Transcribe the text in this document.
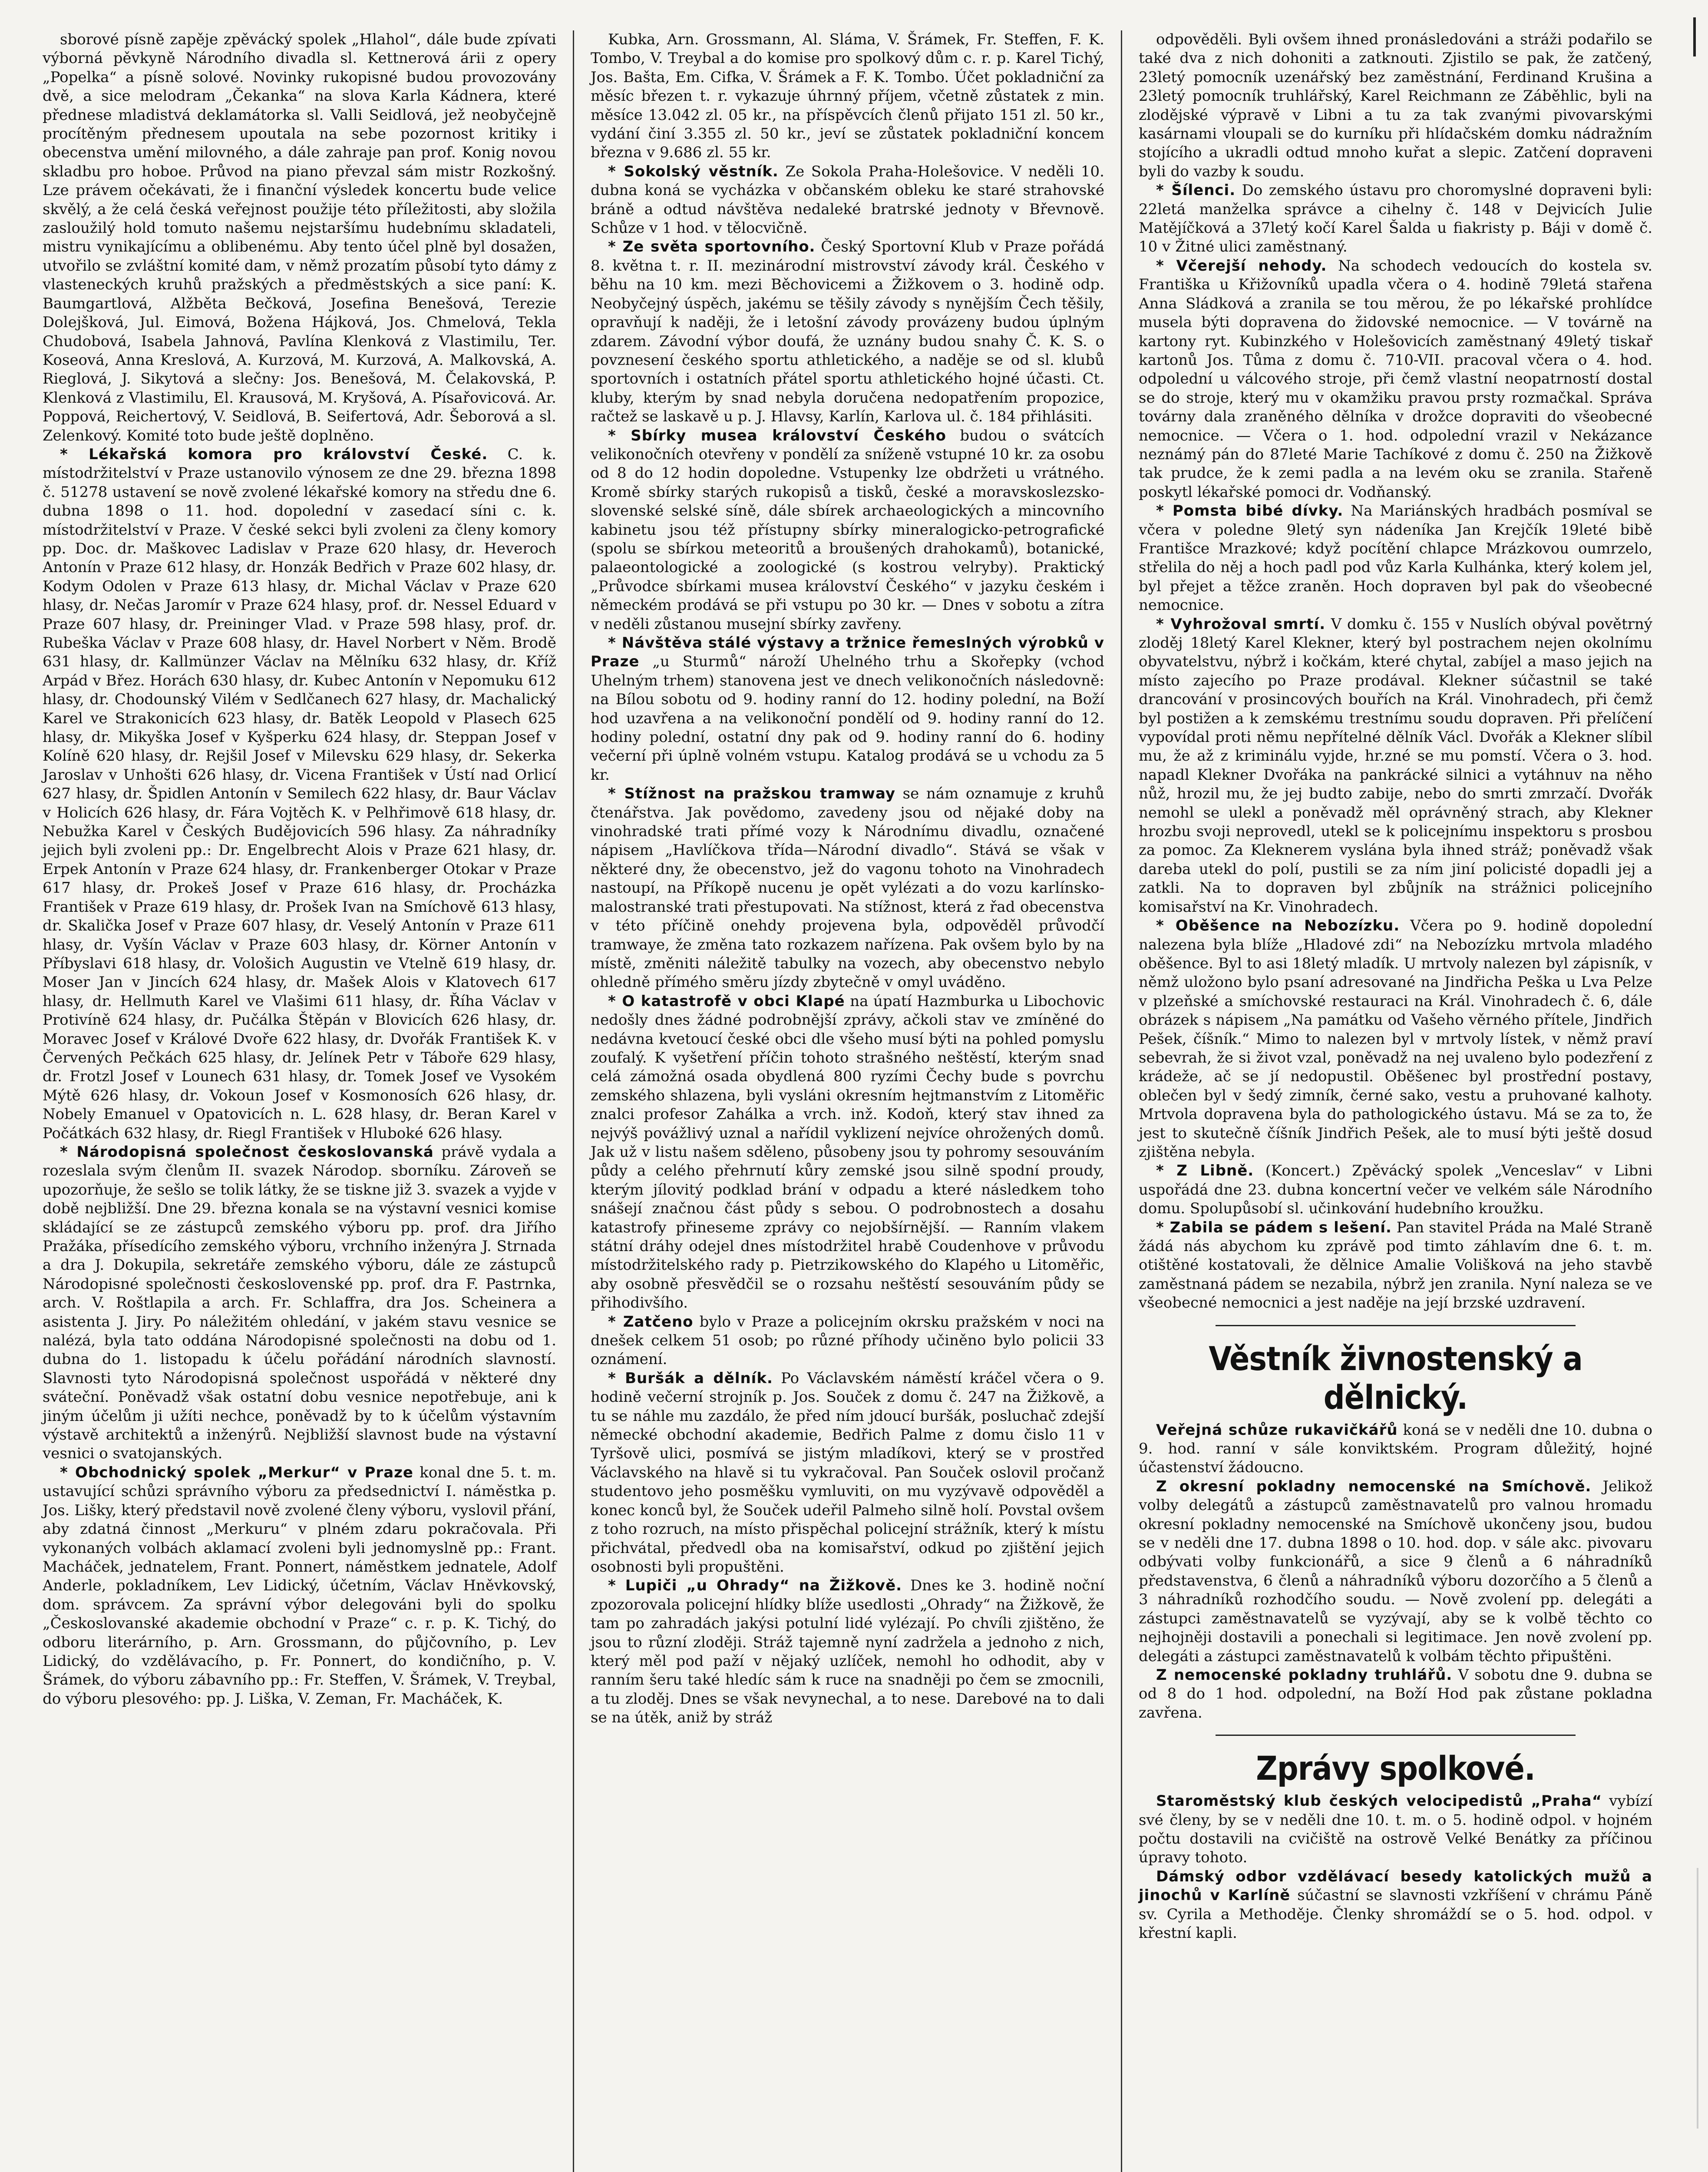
sborové písně zapěje zpěvácký spolek „Hlahol“, dále bude zpívati výborná pěvkyně Národního divadla sl. Kettnerová árii z opery „Popelka“ a písně solové. Novinky rukopisné budou provozovány dvě, a sice melodram „Čekanka“ na slova Karla Kádnera, které přednese mladistvá deklamátorka sl. Valli Seidlová, jež neobyčejně procítěným přednesem upoutala na sebe pozornost kritiky i obecenstva umění milovného, a dále zahraje pan prof. Konig novou skladbu pro hoboe. Průvod na piano převzal sám mistr Rozkošný. Lze právem očekávati, že i finanční výsledek koncertu bude velice skvělý, a že celá česká veřejnost použije této příležitosti, aby složila zasloužilý hold tomuto našemu nejstaršímu hudebnímu skladateli, mistru vynikajícímu a oblibenému. Aby tento účel plně byl dosažen, utvořilo se zvláštní komité dam, v němž prozatím působí tyto dámy z vlasteneckých kruhů pražských a předměstských a sice paní: K. Baumgartlová, Alžběta Bečková, Josefina Benešová, Terezie Dolejšková, Jul. Eimová, Božena Hájková, Jos. Chmelová, Tekla Chudobová, Isabela Jahnová, Pavlína Klenková z Vlastimilu, Ter. Koseová, Anna Kreslová, A. Kurzová, M. Kurzová, A. Malkovská, A. Rieglová, J. Sikytová a slečny: Jos. Benešová, M. Čelakovská, P. Klenková z Vlastimilu, El. Krausová, M. Kryšová, A. Písařovicová. Ar. Poppová, Reichertový, V. Seidlová, B. Seifertová, Adr. Šeborová a sl. Zelenkový. Komité toto bude ještě doplněno.

* Lékařská komora pro království České. C. k. místodržitelství v Praze ustanovilo výnosem ze dne 29. března 1898 č. 51278 ustavení se nově zvolené lékařské komory na středu dne 6. dubna 1898 o 11. hod. dopolední v zasedací síni c. k. místodržitelství v Praze. V české sekci byli zvoleni za členy komory pp. Doc. dr. Maškovec Ladislav v Praze 620 hlasy, dr. Heveroch Antonín v Praze 612 hlasy, dr. Honzák Bedřich v Praze 602 hlasy, dr. Kodym Odolen v Praze 613 hlasy, dr. Michal Václav v Praze 620 hlasy, dr. Nečas Jaromír v Praze 624 hlasy, prof. dr. Nessel Eduard v Praze 607 hlasy, dr. Preininger Vlad. v Praze 598 hlasy, prof. dr. Rubeška Václav v Praze 608 hlasy, dr. Havel Norbert v Něm. Brodě 631 hlasy, dr. Kallmünzer Václav na Mělníku 632 hlasy, dr. Kříž Arpád v Břez. Horách 630 hlasy, dr. Kubec Antonín v Nepomuku 612 hlasy, dr. Chodounský Vilém v Sedlčanech 627 hlasy, dr. Machalický Karel ve Strakonicích 623 hlasy, dr. Batěk Leopold v Plasech 625 hlasy, dr. Mikyška Josef v Kyšperku 624 hlasy, dr. Steppan Josef v Kolíně 620 hlasy, dr. Rejšil Josef v Milevsku 629 hlasy, dr. Sekerka Jaroslav v Unhošti 626 hlasy, dr. Vicena František v Ústí nad Orlicí 627 hlasy, dr. Špidlen Antonín v Semilech 622 hlasy, dr. Baur Václav v Holicích 626 hlasy, dr. Fára Vojtěch K. v Pelhřimově 618 hlasy, dr. Nebužka Karel v Českých Budějovicích 596 hlasy. Za náhradníky jejich byli zvoleni pp.: Dr. Engelbrecht Alois v Praze 621 hlasy, dr. Erpek Antonín v Praze 624 hlasy, dr. Frankenberger Otokar v Praze 617 hlasy, dr. Prokeš Josef v Praze 616 hlasy, dr. Procházka František v Praze 619 hlasy, dr. Prošek Ivan na Smíchově 613 hlasy, dr. Skalička Josef v Praze 607 hlasy, dr. Veselý Antonín v Praze 611 hlasy, dr. Vyšín Václav v Praze 603 hlasy, dr. Körner Antonín v Příbyslavi 618 hlasy, dr. Vološich Augustin ve Vtelně 619 hlasy, dr. Moser Jan v Jincích 624 hlasy, dr. Mašek Alois v Klatovech 617 hlasy, dr. Hellmuth Karel ve Vlašimi 611 hlasy, dr. Říha Václav v Protivíně 624 hlasy, dr. Pučálka Štěpán v Blovicích 626 hlasy, dr. Moravec Josef v Králové Dvoře 622 hlasy, dr. Dvořák František K. v Červených Pečkách 625 hlasy, dr. Jelínek Petr v Táboře 629 hlasy, dr. Frotzl Josef v Lounech 631 hlasy, dr. Tomek Josef ve Vysokém Mýtě 626 hlasy, dr. Vokoun Josef v Kosmonosích 626 hlasy, dr. Nobely Emanuel v Opatovicích n. L. 628 hlasy, dr. Beran Karel v Počátkách 632 hlasy, dr. Riegl František v Hluboké 626 hlasy.

* Národopisná společnost českoslovanská právě vydala a rozeslala svým členům II. svazek Národop. sborníku. Zároveň se upozorňuje, že sešlo se tolik látky, že se tiskne již 3. svazek a vyjde v době nejbližší. Dne 29. března konala se na výstavní vesnici komise skládající se ze zástupců zemského výboru pp. prof. dra Jiřího Pražáka, přísedícího zemského výboru, vrchního inženýra J. Strnada a dra J. Dokupila, sekretáře zemského výboru, dále ze zástupců Národopisné společnosti československé pp. prof. dra F. Pastrnka, arch. V. Roštlapila a arch. Fr. Schlaffra, dra Jos. Scheinera a asistenta J. Jiry. Po náležitém ohledání, v jakém stavu vesnice se nalézá, byla tato oddána Národopisné společnosti na dobu od 1. dubna do 1. listopadu k účelu pořádání národních slavností. Slavnosti tyto Národopisná společnost uspořádá v některé dny sváteční. Poněvadž však ostatní dobu vesnice nepotřebuje, ani k jiným účelům ji užíti nechce, poněvadž by to k účelům výstavním výstavě architektů a inženýrů. Nejbližší slavnost bude na výstavní vesnici o svatojanských.

* Obchodnický spolek „Merkur“ v Praze konal dne 5. t. m. ustavující schůzi správního výboru za předsednictví I. náměstka p. Jos. Lišky, který představil nově zvolené členy výboru, vyslovil přání, aby zdatná činnost „Merkuru“ v plném zdaru pokračovala. Při vykonaných volbách aklamací zvoleni byli jednomyslně pp.: Frant. Macháček, jednatelem, Frant. Ponnert, náměstkem jednatele, Adolf Anderle, pokladníkem, Lev Lidický, účetním, Václav Hněvkovský, dom. správcem. Za správní výbor delegováni byli do spolku „Českoslovanské akademie obchodní v Praze“ c. r. p. K. Tichý, do odboru literárního, p. Arn. Grossmann, do půjčovního, p. Lev Lidický, do vzdělávacího, p. Fr. Ponnert, do kondičního, p. V. Šrámek, do výboru zábavního pp.: Fr. Steffen, V. Šrámek, V. Treybal, do výboru plesového: pp. J. Liška, V. Zeman, Fr. Macháček, K.

Kubka, Arn. Grossmann, Al. Sláma, V. Šrámek, Fr. Steffen, F. K. Tombo, V. Treybal a do komise pro spolkový dům c. r. p. Karel Tichý, Jos. Bašta, Em. Cifka, V. Šrámek a F. K. Tombo. Účet pokladniční za měsíc březen t. r. vykazuje úhrnný příjem, včetně zůstatek z min. měsíce 13.042 zl. 05 kr., na příspěvcích členů přijato 151 zl. 50 kr., vydání činí 3.355 zl. 50 kr., jeví se zůstatek pokladniční koncem března v 9.686 zl. 55 kr.

* Sokolský věstník. Ze Sokola Praha-Holešovice. V neděli 10. dubna koná se vycházka v občanském obleku ke staré strahovské bráně a odtud návštěva nedaleké bratrské jednoty v Břevnově. Schůze v 1 hod. v tělocvičně.

* Ze světa sportovního. Český Sportovní Klub v Praze pořádá 8. května t. r. II. mezinárodní mistrovství závody král. Českého v běhu na 10 km. mezi Běchovicemi a Žižkovem o 3. hodině odp. Neobyčejný úspěch, jakému se těšily závody s nynějším Čech těšily, opravňují k naději, že i letošní závody provázeny budou úplným zdarem. Závodní výbor doufá, že uznány budou snahy Č. K. S. o povznesení českého sportu athletického, a naděje se od sl. klubů sportovních i ostatních přátel sportu athletického hojné účasti. Ct. kluby, kterým by snad nebyla doručena nedopatřením propozice, račtež se laskavě u p. J. Hlavsy, Karlín, Karlova ul. č. 184 přihlásiti.

* Sbírky musea království Českého budou o svátcích velikonočních otevřeny v pondělí za sníženě vstupné 10 kr. za osobu od 8 do 12 hodin dopoledne. Vstupenky lze obdržeti u vrátného. Kromě sbírky starých rukopisů a tisků, české a moravskoslezsko-slovenské selské síně, dále sbírek archaeologických a mincovního kabinetu jsou též přístupny sbírky mineralogicko-petrografické (spolu se sbírkou meteoritů a broušených drahokamů), botanické, palaeontologické a zoologické (s kostrou velryby). Praktický „Průvodce sbírkami musea království Českého“ v jazyku českém i německém prodává se při vstupu po 30 kr. — Dnes v sobotu a zítra v neděli zůstanou musejní sbírky zavřeny.

* Návštěva stálé výstavy a tržnice řemeslných výrobků v Praze „u Sturmů“ nároží Uhelného trhu a Skořepky (vchod Uhelným trhem) stanovena jest ve dnech velikonočních následovně: na Bílou sobotu od 9. hodiny ranní do 12. hodiny polední, na Boží hod uzavřena a na velikonoční pondělí od 9. hodiny ranní do 12. hodiny polední, ostatní dny pak od 9. hodiny ranní do 6. hodiny večerní při úplně volném vstupu. Katalog prodává se u vchodu za 5 kr.

* Stížnost na pražskou tramway se nám oznamuje z kruhů čtenářstva. Jak povědomo, zavedeny jsou od nějaké doby na vinohradské trati přímé vozy k Národnímu divadlu, označené nápisem „Havlíčkova třída—Národní divadlo“. Stává se však v některé dny, že obecenstvo, jež do vagonu tohoto na Vinohradech nastoupí, na Příkopě nucenu je opět vylézati a do vozu karlínsko-malostranské trati přestupovati. Na stížnost, která z řad obecenstva v této příčině onehdy projevena byla, odpověděl průvodčí tramwaye, že změna tato rozkazem nařízena. Pak ovšem bylo by na místě, změniti náležitě tabulky na vozech, aby obecenstvo nebylo ohledně přímého směru jízdy zbytečně v omyl uváděno.

* O katastrofě v obci Klapé na úpatí Hazmburka u Libochovic nedošly dnes žádné podrobnější zprávy, ačkoli stav ve zmíněné do nedávna kvetoucí české obci dle všeho musí býti na pohled pomyslu zoufalý. K vyšetření příčin tohoto strašného neštěstí, kterým snad celá zámožná osada obydlená 800 ryzími Čechy bude s povrchu zemského shlazena, byli vysláni okresním hejtmanstvím z Litoměřic znalci profesor Zahálka a vrch. inž. Kodoň, který stav ihned za nejvýš povážlivý uznal a nařídil vyklizení nejvíce ohrožených domů. Jak už v listu našem sděleno, působeny jsou ty pohromy sesouváním půdy a celého přehrnutí kůry zemské jsou silně spodní proudy, kterým jílovitý podklad brání v odpadu a které následkem toho snášejí značnou část půdy s sebou. O podrobnostech a dosahu katastrofy přineseme zprávy co nejobšírnější. — Ranním vlakem státní dráhy odejel dnes místodržitel hrabě Coudenhove v průvodu místodržitelského rady p. Pietrzikowského do Klapého u Litoměřic, aby osobně přesvědčil se o rozsahu neštěstí sesouváním půdy se přihodivšího.

* Zatčeno bylo v Praze a policejním okrsku pražském v noci na dnešek celkem 51 osob; po různé příhody učiněno bylo policii 33 oznámení.

* Buršák a dělník. Po Václavském náměstí kráčel včera o 9. hodině večerní strojník p. Jos. Souček z domu č. 247 na Žižkově, a tu se náhle mu zazdálo, že před ním jdoucí buršák, posluchač zdejší německé obchodní akademie, Bedřich Palme z domu čislo 11 v Tyršově ulici, posmívá se jistým mladíkovi, který se v prostřed Václavského na hlavě si tu vykračoval. Pan Souček oslovil pročanž studentovo jeho posměšku vymluviti, on mu vyzývavě odpověděl a konec konců byl, že Souček udeřil Palmeho silně holí. Povstal ovšem z toho rozruch, na místo přispěchal policejní strážník, který k místu přichvátal, předvedl oba na komisařství, odkud po zjištění jejich osobnosti byli propuštěni.

* Lupiči „u Ohrady“ na Žižkově. Dnes ke 3. hodině noční zpozorovala policejní hlídky blíže usedlosti „Ohrady“ na Žižkově, že tam po zahradách jakýsi potulní lidé vylézají. Po chvíli zjištěno, že jsou to různí zloději. Stráž tajemně nyní zadržela a jednoho z nich, který měl pod paží v nějaký uzlíček, nemohl ho odhodit, aby v ranním šeru také hledíc sám k ruce na snadněji po čem se zmocnili, a tu zloděj. Dnes se však nevynechal, a to nese. Darebové na to dali se na útěk, aniž by stráž

odpověděli. Byli ovšem ihned pronásledováni a stráži podařilo se také dva z nich dohoniti a zatknouti. Zjistilo se pak, že zatčený, 23letý pomocník uzenářský bez zaměstnání, Ferdinand Krušina a 23letý pomocník truhlářský, Karel Reichmann ze Záběhlic, byli na zlodějské výpravě v Libni a tu za tak zvanými pivovarskými kasárnami vloupali se do kurníku při hlídačském domku nádražním stojícího a ukradli odtud mnoho kuřat a slepic. Zatčení dopraveni byli do vazby k soudu.

* Šílenci. Do zemského ústavu pro choromyslné dopraveni byli: 22letá manželka správce a cihelny č. 148 v Dejvicích Julie Matějíčková a 37letý kočí Karel Šalda u fiakristy p. Báji v domě č. 10 v Žitné ulici zaměstnaný.

* Včerejší nehody. Na schodech vedoucích do kostela sv. Františka u Křižovníků upadla včera o 4. hodině 79letá stařena Anna Sládková a zranila se tou měrou, že po lékařské prohlídce musela býti dopravena do židovské nemocnice. — V továrně na kartony ryt. Kubinzkého v Holešovicích zaměstnaný 49letý tiskař kartonů Jos. Tůma z domu č. 710-VII. pracoval včera o 4. hod. odpolední u válcového stroje, při čemž vlastní neopatrností dostal se do stroje, který mu v okamžiku pravou prsty rozmačkal. Správa továrny dala zraněného dělníka v drožce dopraviti do všeobecné nemocnice. — Včera o 1. hod. odpolední vrazil v Nekázance neznámý pán do 87leté Marie Tachíkové z domu č. 250 na Žižkově tak prudce, že k zemi padla a na levém oku se zranila. Stařeně poskytl lékařské pomoci dr. Vodňanský.

* Pomsta bibé dívky. Na Mariánských hradbách posmíval se včera v poledne 9letý syn nádeníka Jan Krejčík 19leté bibě Františce Mrazkové; když pocítění chlapce Mrázkovou oumrzelo, střelila do něj a hoch padl pod vůz Karla Kulhánka, který kolem jel, byl přejet a těžce zraněn. Hoch dopraven byl pak do všeobecné nemocnice.

* Vyhrožoval smrtí. V domku č. 155 v Nuslích obýval povětrný zloděj 18letý Karel Klekner, který byl postrachem nejen okolnímu obyvatelstvu, nýbrž i kočkám, které chytal, zabíjel a maso jejich na místo zajecího po Praze prodával. Klekner súčastnil se také drancování v prosincových bouřích na Král. Vinohradech, při čemž byl postižen a k zemskému trestnímu soudu dopraven. Při přelíčení vypovídal proti němu nepřítelné dělník Václ. Dvořák a Klekner slíbil mu, že až z kriminálu vyjde, hr.zné se mu pomstí. Včera o 3. hod. napadl Klekner Dvořáka na pankrácké silnici a vytáhnuv na něho nůž, hrozil mu, že jej budto zabije, nebo do smrti zmrzačí. Dvořák nemohl se ulekl a poněvadž měl oprávněný strach, aby Klekner hrozbu svoji neprovedl, utekl se k policejnímu inspektoru s prosbou za pomoc. Za Kleknerem vyslána byla ihned stráž; poněvadž však dareba utekl do polí, pustili se za ním jiní policisté dopadli jej a zatkli. Na to dopraven byl zbůjník na strážnici policejního komisařství na Kr. Vinohradech.

* Oběšence na Nebozízku. Včera po 9. hodině dopolední nalezena byla blíže „Hladové zdi“ na Nebozízku mrtvola mladého oběšence. Byl to asi 18letý mladík. U mrtvoly nalezen byl zápisník, v němž uložono bylo psaní adresované na Jindřicha Peška u Lva Pelze v plzeňské a smíchovské restauraci na Král. Vinohradech č. 6, dále obrázek s nápisem „Na památku od Vašeho věrného přítele, Jindřich Pešek, číšník.“ Mimo to nalezen byl v mrtvoly lístek, v němž praví sebevrah, že si život vzal, poněvadž na nej uvaleno bylo podezření z krádeže, ač se jí nedopustil. Oběšenec byl prostřední postavy, oblečen byl v šedý zimník, černé sako, vestu a pruhované kalhoty. Mrtvola dopravena byla do pathologického ústavu. Má se za to, že jest to skutečně číšník Jindřich Pešek, ale to musí býti ještě dosud zjištěna nebyla.

* Z Libně. (Koncert.) Zpěvácký spolek „Venceslav“ v Libni uspořádá dne 23. dubna koncertní večer ve velkém sále Národního domu. Spolupůsobí sl. učinkování hudebního kroužku.

* Zabila se pádem s lešení. Pan stavitel Práda na Malé Straně žádá nás abychom ku zprávě pod timto záhlavím dne 6. t. m. otištěné kostatovali, že dělnice Amalie Volišková na jeho stavbě zaměstnaná pádem se nezabila, nýbrž jen zranila. Nyní naleza se ve všeobecné nemocnici a jest naděje na její brzské uzdravení.

Věstník živnostenský a dělnický.

Veřejná schůze rukavičkářů koná se v neděli dne 10. dubna o 9. hod. ranní v sále konviktském. Program důležitý, hojné účastenství žádoucno.

Z okresní pokladny nemocenské na Smíchově. Jelikož volby delegátů a zástupců zaměstnavatelů pro valnou hromadu okresní pokladny nemocenské na Smíchově ukončeny jsou, budou se v neděli dne 17. dubna 1898 o 10. hod. dop. v sále akc. pivovaru odbývati volby funkcionářů, a sice 9 členů a 6 náhradníků představenstva, 6 členů a náhradníků výboru dozorčího a 5 členů a 3 náhradníků rozhodčího soudu. — Nově zvolení pp. delegáti a zástupci zaměstnavatelů se vyzývají, aby se k volbě těchto co nejhojněji dostavili a ponechali si legitimace. Jen nově zvolení pp. delegáti a zástupci zaměstnavatelů k volbám těchto připuštěni.

Z nemocenské pokladny truhlářů. V sobotu dne 9. dubna se od 8 do 1 hod. odpolední, na Boží Hod pak zůstane pokladna zavřena.

Zprávy spolkové.

Staroměstský klub českých velocipedistů „Praha“ vybízí své členy, by se v neděli dne 10. t. m. o 5. hodině odpol. v hojném počtu dostavili na cvičiště na ostrově Velké Benátky za příčinou úpravy tohoto.

Dámský odbor vzdělávací besedy katolických mužů a jinochů v Karlíně súčastní se slavnosti vzkříšení v chrámu Páně sv. Cyrila a Methoděje. Členky shromáždí se o 5. hod. odpol. v křestní kapli.
